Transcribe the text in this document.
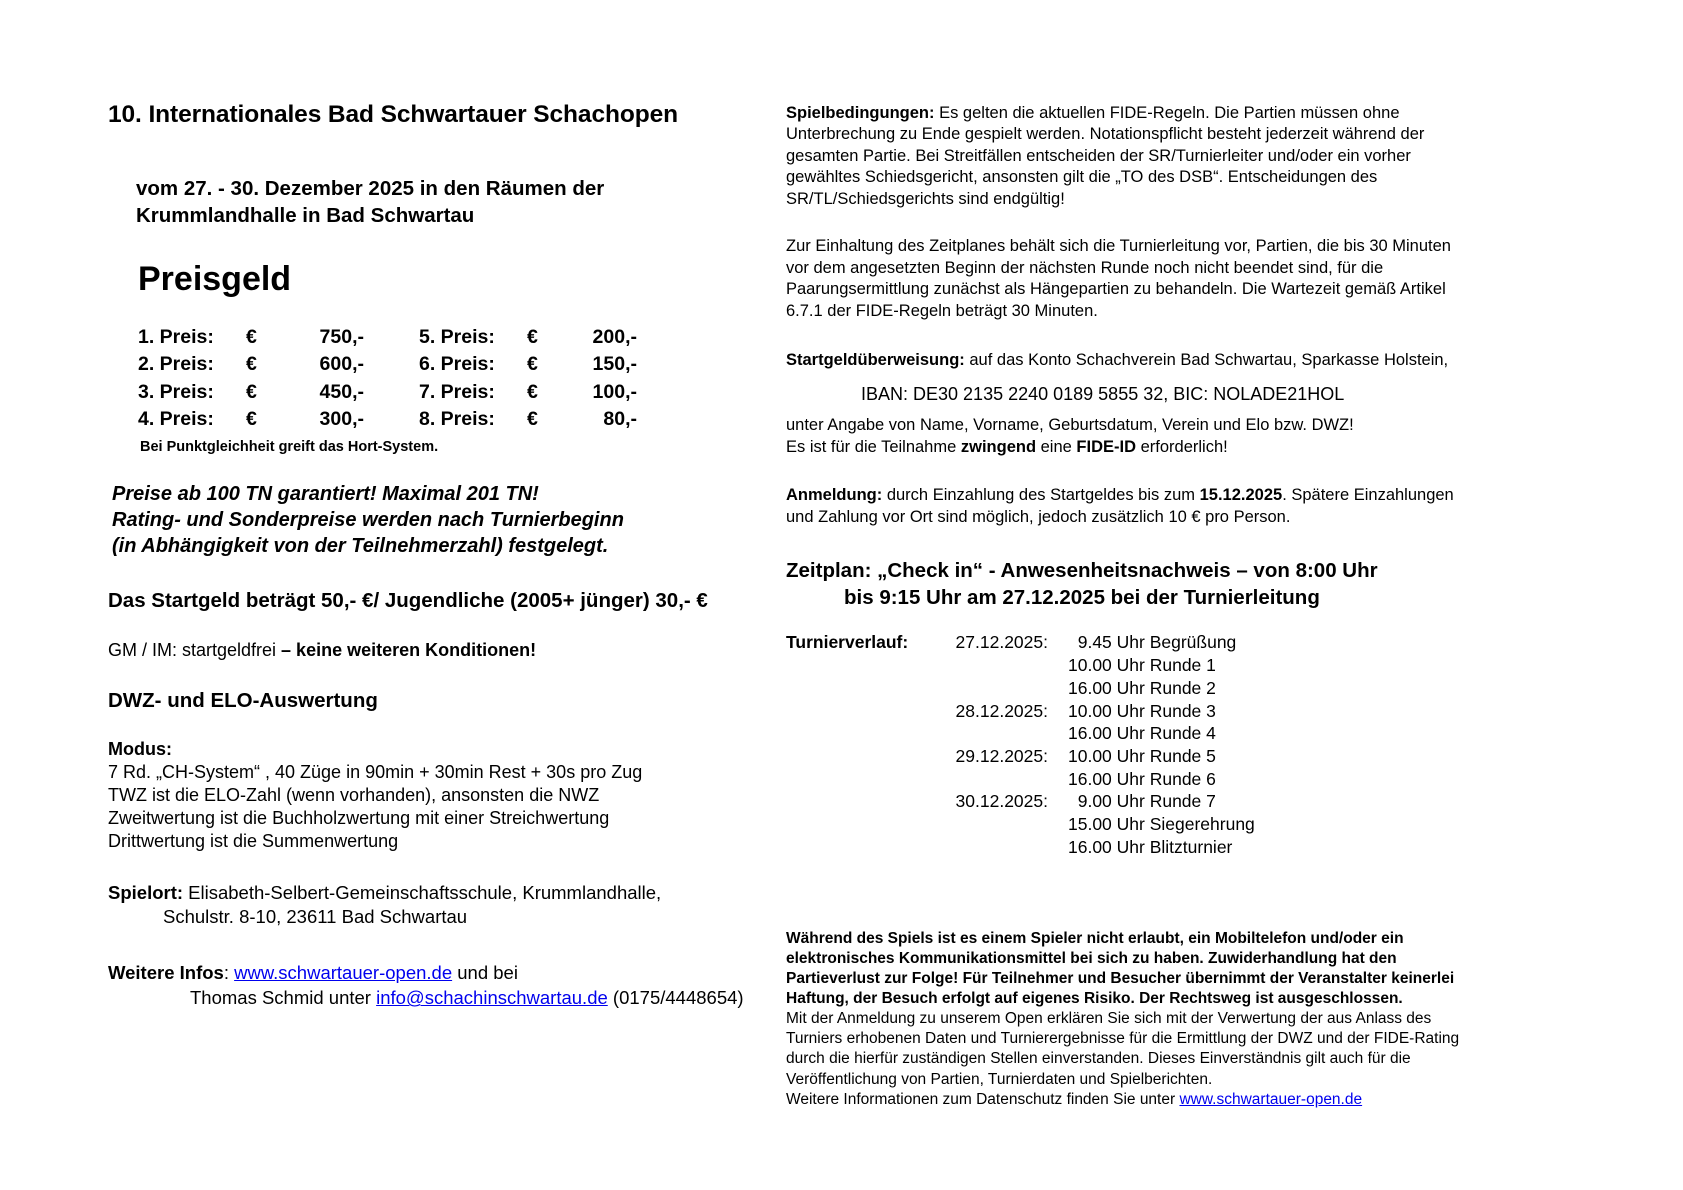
10. Internationales Bad Schwartauer Schachopen
vom 27. - 30. Dezember 2025 in den Räumen der
Krummlandhalle in Bad Schwartau
Preisgeld
1. Preis:	€	750,-		5. Preis:	€	200,-
2. Preis:	€	600,-		6. Preis:	€	150,-
3. Preis:	€	450,-		7. Preis:	€	100,-
4. Preis:	€	300,-		8. Preis:	€	80,-
Bei Punktgleichheit greift das Hort-System.
Preise ab 100 TN garantiert! Maximal 201 TN!
Rating- und Sonderpreise werden nach Turnierbeginn
(in Abhängigkeit von der Teilnehmerzahl) festgelegt.
Das Startgeld beträgt 50,- €/ Jugendliche (2005+ jünger) 30,- €
GM / IM: startgeldfrei – keine weiteren Konditionen!
DWZ- und ELO-Auswertung
Modus:
7 Rd. „CH-System“ , 40 Züge in 90min + 30min Rest + 30s pro Zug
TWZ ist die ELO-Zahl (wenn vorhanden), ansonsten die NWZ
Zweitwertung ist die Buchholzwertung mit einer Streichwertung
Drittwertung ist die Summenwertung
Spielort: Elisabeth-Selbert-Gemeinschaftsschule, Krummlandhalle,
Schulstr. 8-10, 23611 Bad Schwartau
Weitere Infos: www.schwartauer-open.de und bei
Thomas Schmid unter info@schachinschwartau.de (0175/4448654)

Spielbedingungen: Es gelten die aktuellen FIDE-Regeln. Die Partien müssen ohne Unterbrechung zu Ende gespielt werden. Notationspflicht besteht jederzeit während der gesamten Partie. Bei Streitfällen entscheiden der SR/Turnierleiter und/oder ein vorher gewähltes Schiedsgericht, ansonsten gilt die „TO des DSB“. Entscheidungen des SR/TL/Schiedsgerichts sind endgültig!

Zur Einhaltung des Zeitplanes behält sich die Turnierleitung vor, Partien, die bis 30 Minuten vor dem angesetzten Beginn der nächsten Runde noch nicht beendet sind, für die Paarungsermittlung zunächst als Hängepartien zu behandeln. Die Wartezeit gemäß Artikel 6.7.1 der FIDE-Regeln beträgt 30 Minuten.

Startgeldüberweisung: auf das Konto Schachverein Bad Schwartau, Sparkasse Holstein,

IBAN: DE30 2135 2240 0189 5855 32, BIC: NOLADE21HOL

unter Angabe von Name, Vorname, Geburtsdatum, Verein und Elo bzw. DWZ!

Es ist für die Teilnahme zwingend eine FIDE-ID erforderlich!

Anmeldung: durch Einzahlung des Startgeldes bis zum 15.12.2025. Spätere Einzahlungen und Zahlung vor Ort sind möglich, jedoch zusätzlich 10 € pro Person.

Zeitplan: „Check in“ - Anwesenheitsnachweis – von 8:00 Uhr
bis 9:15 Uhr am 27.12.2025 bei der Turnierleitung
Turnierverlauf:	27.12.2025:	9.45 Uhr Begrüßung
		10.00 Uhr Runde 1
		16.00 Uhr Runde 2
	28.12.2025:	10.00 Uhr Runde 3
		16.00 Uhr Runde 4
	29.12.2025:	10.00 Uhr Runde 5
		16.00 Uhr Runde 6
	30.12.2025:	9.00 Uhr Runde 7
		15.00 Uhr Siegerehrung
		16.00 Uhr Blitzturnier

Während des Spiels ist es einem Spieler nicht erlaubt, ein Mobiltelefon und/oder ein elektronisches Kommunikationsmittel bei sich zu haben. Zuwiderhandlung hat den Partieverlust zur Folge! Für Teilnehmer und Besucher übernimmt der Veranstalter keinerlei Haftung, der Besuch erfolgt auf eigenes Risiko. Der Rechtsweg ist ausgeschlossen.

Mit der Anmeldung zu unserem Open erklären Sie sich mit der Verwertung der aus Anlass des Turniers erhobenen Daten und Turnierergebnisse für die Ermittlung der DWZ und der FIDE-Rating durch die hierfür zuständigen Stellen einverstanden. Dieses Einverständnis gilt auch für die Veröffentlichung von Partien, Turnierdaten und Spielberichten.

Weitere Informationen zum Datenschutz finden Sie unter www.schwartauer-open.de
